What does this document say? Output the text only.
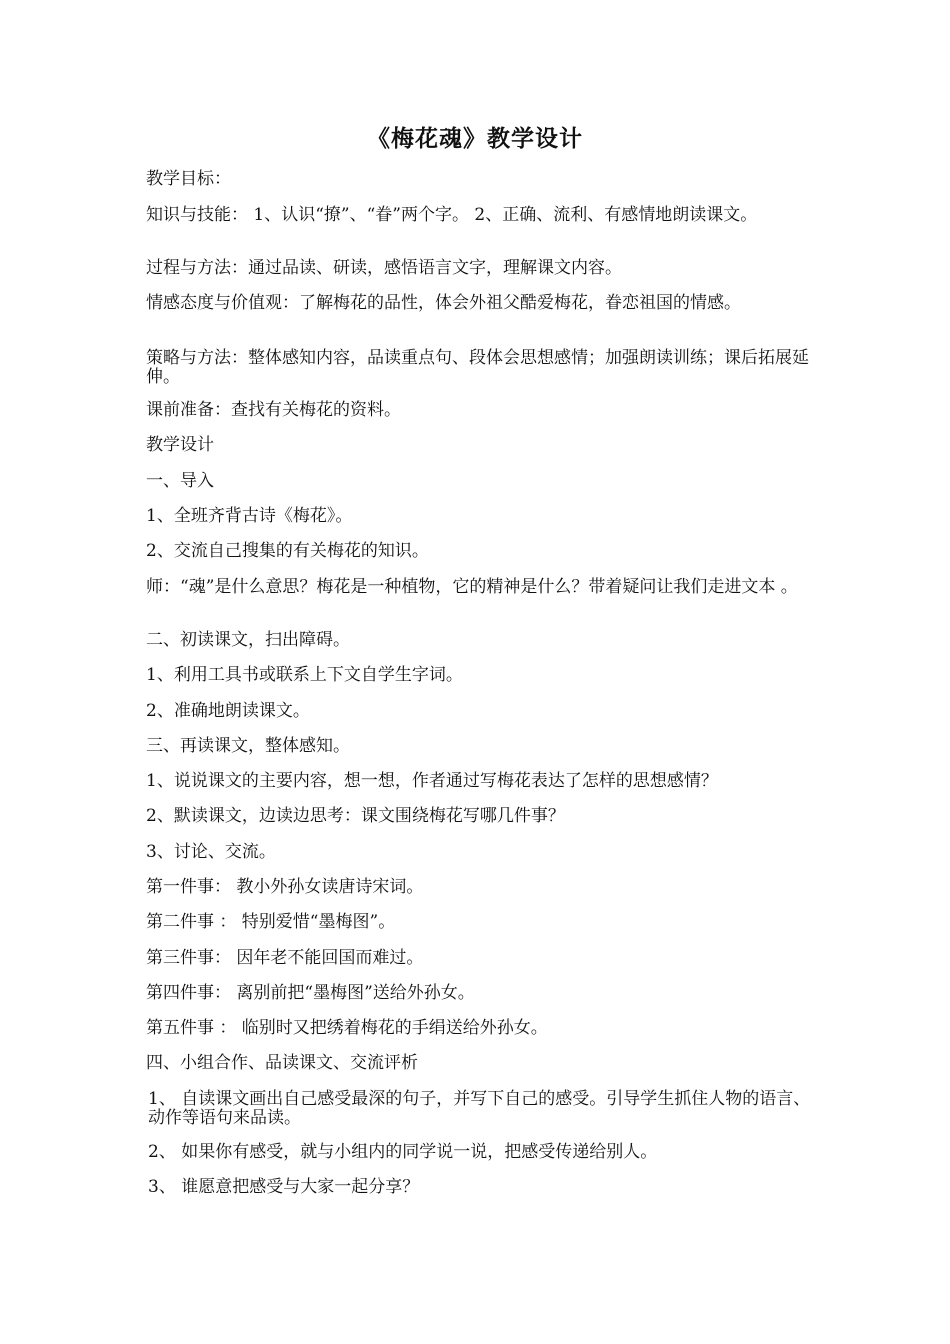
《梅花魂》教学设计

教学目标：

知识与技能： 1、认识“撩”、“眷”两个字。 2、正确、流利、有感情地朗读课文。

过程与方法：通过品读、研读，感悟语言文字，理解课文内容。

情感态度与价值观：了解梅花的品性，体会外祖父酷爱梅花，眷恋祖国的情感。

策略与方法：整体感知内容，品读重点句、段体会思想感情；加强朗读训练；课后拓展延伸。

课前准备：查找有关梅花的资料。

教学设计

一、导入

1、全班齐背古诗《梅花》。

2、交流自己搜集的有关梅花的知识。

师：“魂”是什么意思？梅花是一种植物，它的精神是什么？带着疑问让我们走进文本 。

二、初读课文，扫出障碍。

1、利用工具书或联系上下文自学生字词。

2、准确地朗读课文。

三、再读课文，整体感知。

1、说说课文的主要内容，想一想，作者通过写梅花表达了怎样的思想感情？

2、默读课文，边读边思考：课文围绕梅花写哪几件事？

3、讨论、交流。

第一件事： 教小外孙女读唐诗宋词。

第二件事 ： 特别爱惜“墨梅图”。

第三件事： 因年老不能回国而难过。

第四件事： 离别前把“墨梅图”送给外孙女。

第五件事 ： 临别时又把绣着梅花的手绢送给外孙女。

四、小组合作、品读课文、交流评析

1、 自读课文画出自己感受最深的句子，并写下自己的感受。引导学生抓住人物的语言、动作等语句来品读。

2、 如果你有感受，就与小组内的同学说一说，把感受传递给别人。

3、 谁愿意把感受与大家一起分享？
